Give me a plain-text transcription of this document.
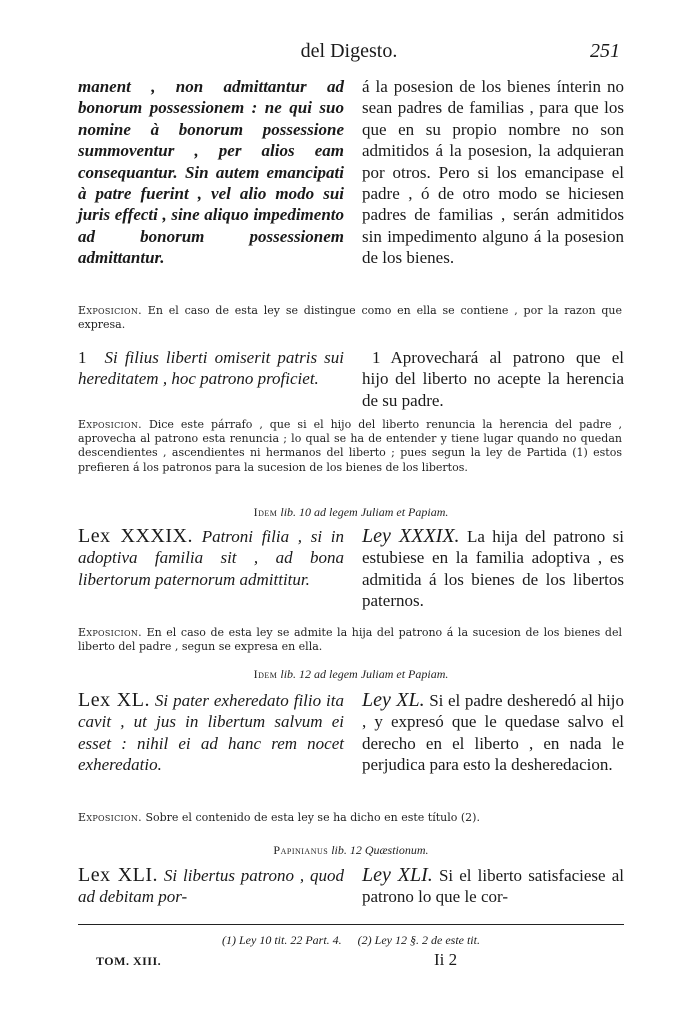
del Digesto.	251
manent , non admittantur ad bonorum possessionem : ne qui suo nomine à bonorum possessione summoventur , per alios eam consequantur. Sin autem emancipati à patre fuerint , vel alio modo sui juris effecti , sine aliquo impedimento ad bonorum possessionem admittantur.
á la posesion de los bienes ínterin no sean padres de familias , para que los que en su propio nombre no son admitidos á la posesion, la adquieran por otros. Pero si los emancipase el padre , ó de otro modo se hiciesen padres de familias , serán admitidos sin impedimento alguno á la posesion de los bienes.
Exposicion. En el caso de esta ley se distingue como en ella se contiene , por la razon que expresa.
1 Si filius liberti omiserit patris sui hereditatem , hoc patrono proficiet.
1 Aprovechará al patrono que el hijo del liberto no acepte la herencia de su padre.
Exposicion. Dice este párrafo , que si el hijo del liberto renuncia la herencia del padre , aprovecha al patrono esta renuncia ; lo qual se ha de entender y tiene lugar quando no quedan descendientes , ascendientes ni hermanos del liberto ; pues segun la ley de Partida (1) estos prefieren á los patronos para la sucesion de los bienes de los libertos.
Idem lib. 10 ad legem Juliam et Papiam.
Lex XXXIX. Patroni filia , si in adoptiva familia sit , ad bona libertorum paternorum admittitur.
Ley XXXIX. La hija del patrono si estubiese en la familia adoptiva , es admitida á los bienes de los libertos paternos.
Exposicion. En el caso de esta ley se admite la hija del patrono á la sucesion de los bienes del liberto del padre , segun se expresa en ella.
Idem lib. 12 ad legem Juliam et Papiam.
Lex XL. Si pater exheredato filio ita cavit , ut jus in libertum salvum ei esset : nihil ei ad hanc rem nocet exheredatio.
Ley XL. Si el padre desheredó al hijo , y expresó que le quedase salvo el derecho en el liberto , en nada le perjudica para esto la desheredacion.
Exposicion. Sobre el contenido de esta ley se ha dicho en este título (2).
Papinianus lib. 12 Quæstionum.
Lex XLI. Si libertus patrono , quod ad debitam por-
Ley XLI. Si el liberto satisfaciese al patrono lo que le cor-
(1) Ley 10 tit. 22 Part. 4. (2) Ley 12 §. 2 de este tit.
TOM. XIII.	Ii 2
